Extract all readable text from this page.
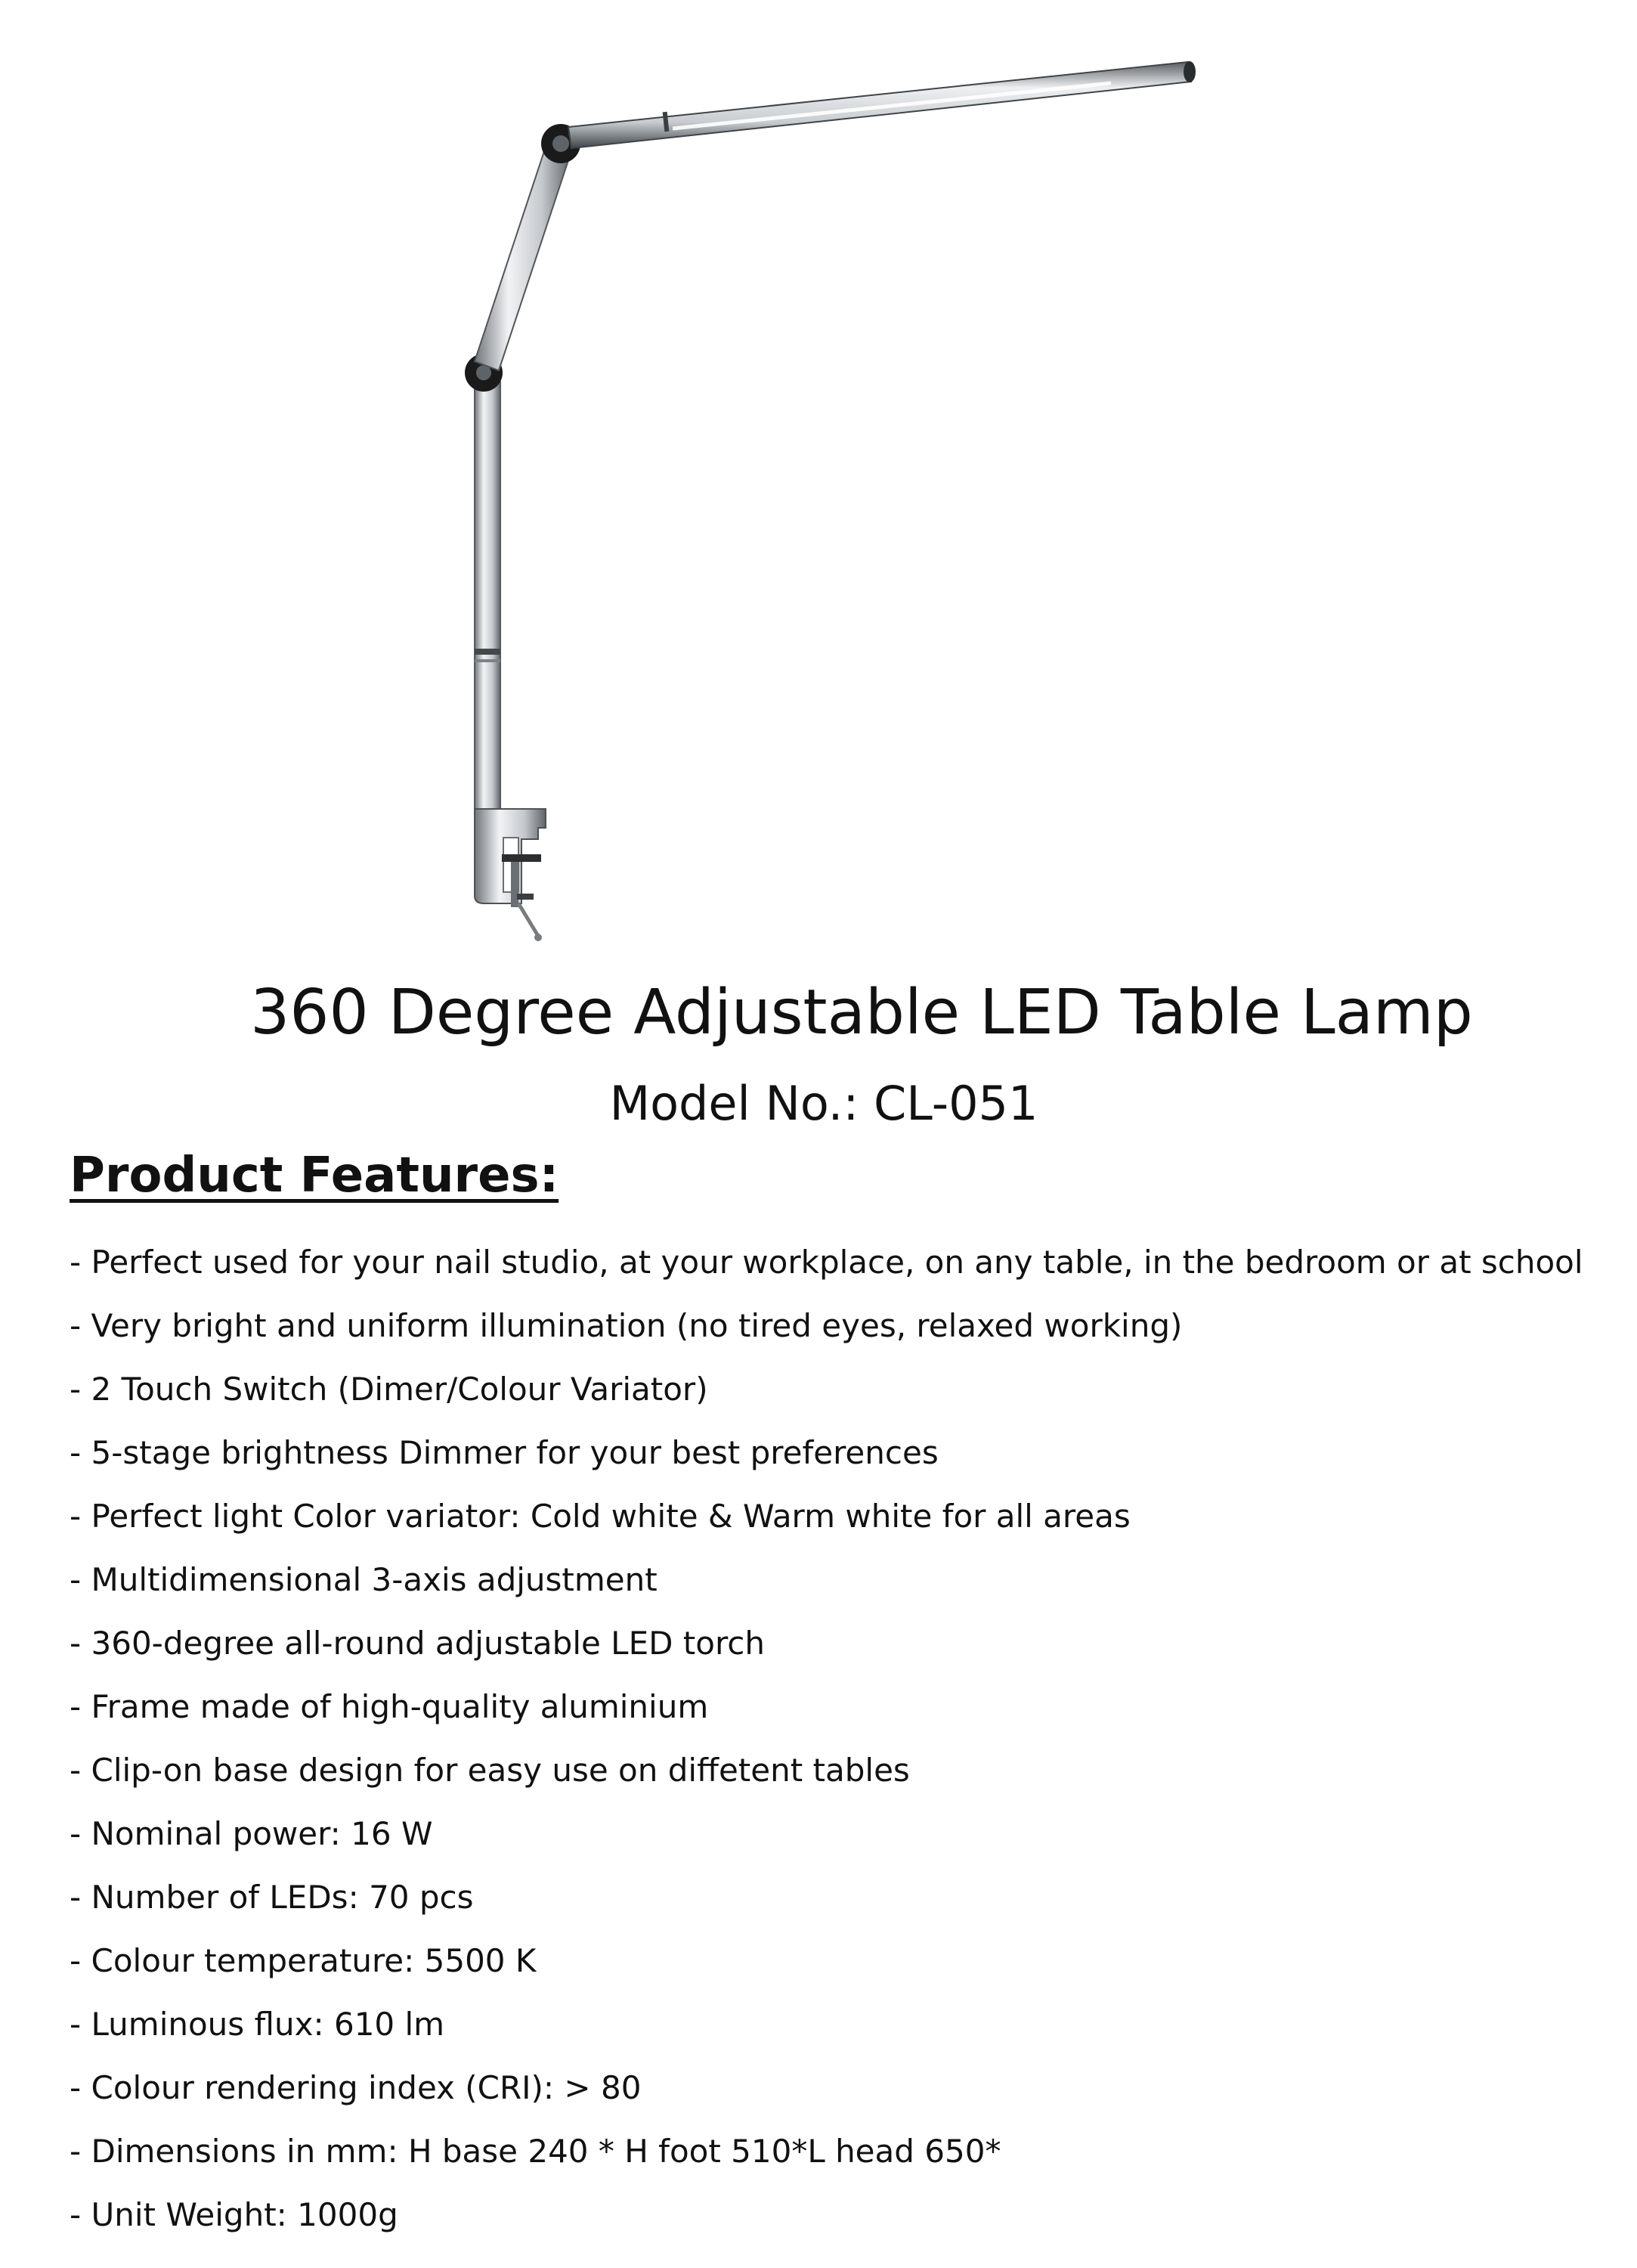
360 Degree Adjustable LED Table Lamp
Model No.: CL-051
Product Features:
- Perfect used for your nail studio, at your workplace, on any table, in the bedroom or at school
- Very bright and uniform illumination (no tired eyes, relaxed working)
- 2 Touch Switch (Dimer/Colour Variator)
- 5-stage brightness Dimmer for your best preferences
- Perfect light Color variator: Cold white & Warm white for all areas
- Multidimensional 3-axis adjustment
- 360-degree all-round adjustable LED torch
- Frame made of high-quality aluminium
- Clip-on base design for easy use on diffetent tables
- Nominal power: 16 W
- Number of LEDs: 70 pcs
- Colour temperature: 5500 K
- Luminous flux: 610 lm
- Colour rendering index (CRI): > 80
- Dimensions in mm: H base 240 * H foot 510*L head 650*
- Unit Weight: 1000g
